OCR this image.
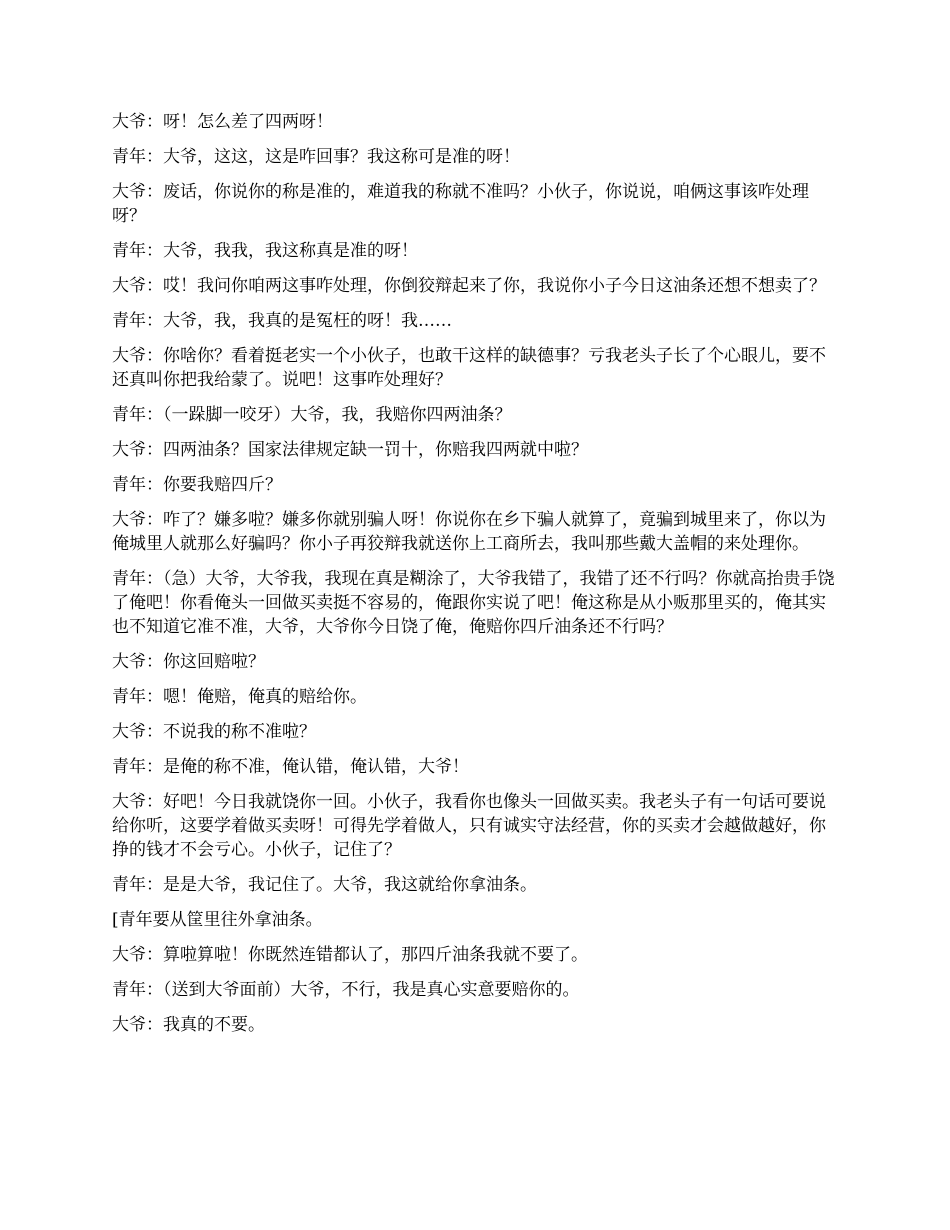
大爷：呀！怎么差了四两呀！

青年：大爷，这这，这是咋回事？我这称可是准的呀！

大爷：废话，你说你的称是准的，难道我的称就不准吗？小伙子，你说说，咱俩这事该咋处理呀？

青年：大爷，我我，我这称真是准的呀！

大爷：哎！我问你咱两这事咋处理，你倒狡辩起来了你，我说你小子今日这油条还想不想卖了？

青年：大爷，我，我真的是冤枉的呀！我……

大爷：你啥你？看着挺老实一个小伙子，也敢干这样的缺德事？亏我老头子长了个心眼儿，要不还真叫你把我给蒙了。说吧！这事咋处理好？

青年：（一跺脚一咬牙）大爷，我，我赔你四两油条？

大爷：四两油条？国家法律规定缺一罚十，你赔我四两就中啦？

青年：你要我赔四斤？

大爷：咋了？嫌多啦？嫌多你就别骗人呀！你说你在乡下骗人就算了，竟骗到城里来了，你以为俺城里人就那么好骗吗？你小子再狡辩我就送你上工商所去，我叫那些戴大盖帽的来处理你。

青年：（急）大爷，大爷我，我现在真是糊涂了，大爷我错了，我错了还不行吗？你就高抬贵手饶了俺吧！你看俺头一回做买卖挺不容易的，俺跟你实说了吧！俺这称是从小贩那里买的，俺其实也不知道它准不准，大爷，大爷你今日饶了俺，俺赔你四斤油条还不行吗？

大爷：你这回赔啦？

青年：嗯！俺赔，俺真的赔给你。

大爷：不说我的称不准啦？

青年：是俺的称不准，俺认错，俺认错，大爷！

大爷：好吧！今日我就饶你一回。小伙子，我看你也像头一回做买卖。我老头子有一句话可要说给你听，这要学着做买卖呀！可得先学着做人，只有诚实守法经营，你的买卖才会越做越好，你挣的钱才不会亏心。小伙子，记住了？

青年：是是大爷，我记住了。大爷，我这就给你拿油条。

[青年要从筐里往外拿油条。

大爷：算啦算啦！你既然连错都认了，那四斤油条我就不要了。

青年：（送到大爷面前）大爷，不行，我是真心实意要赔你的。

大爷：我真的不要。
